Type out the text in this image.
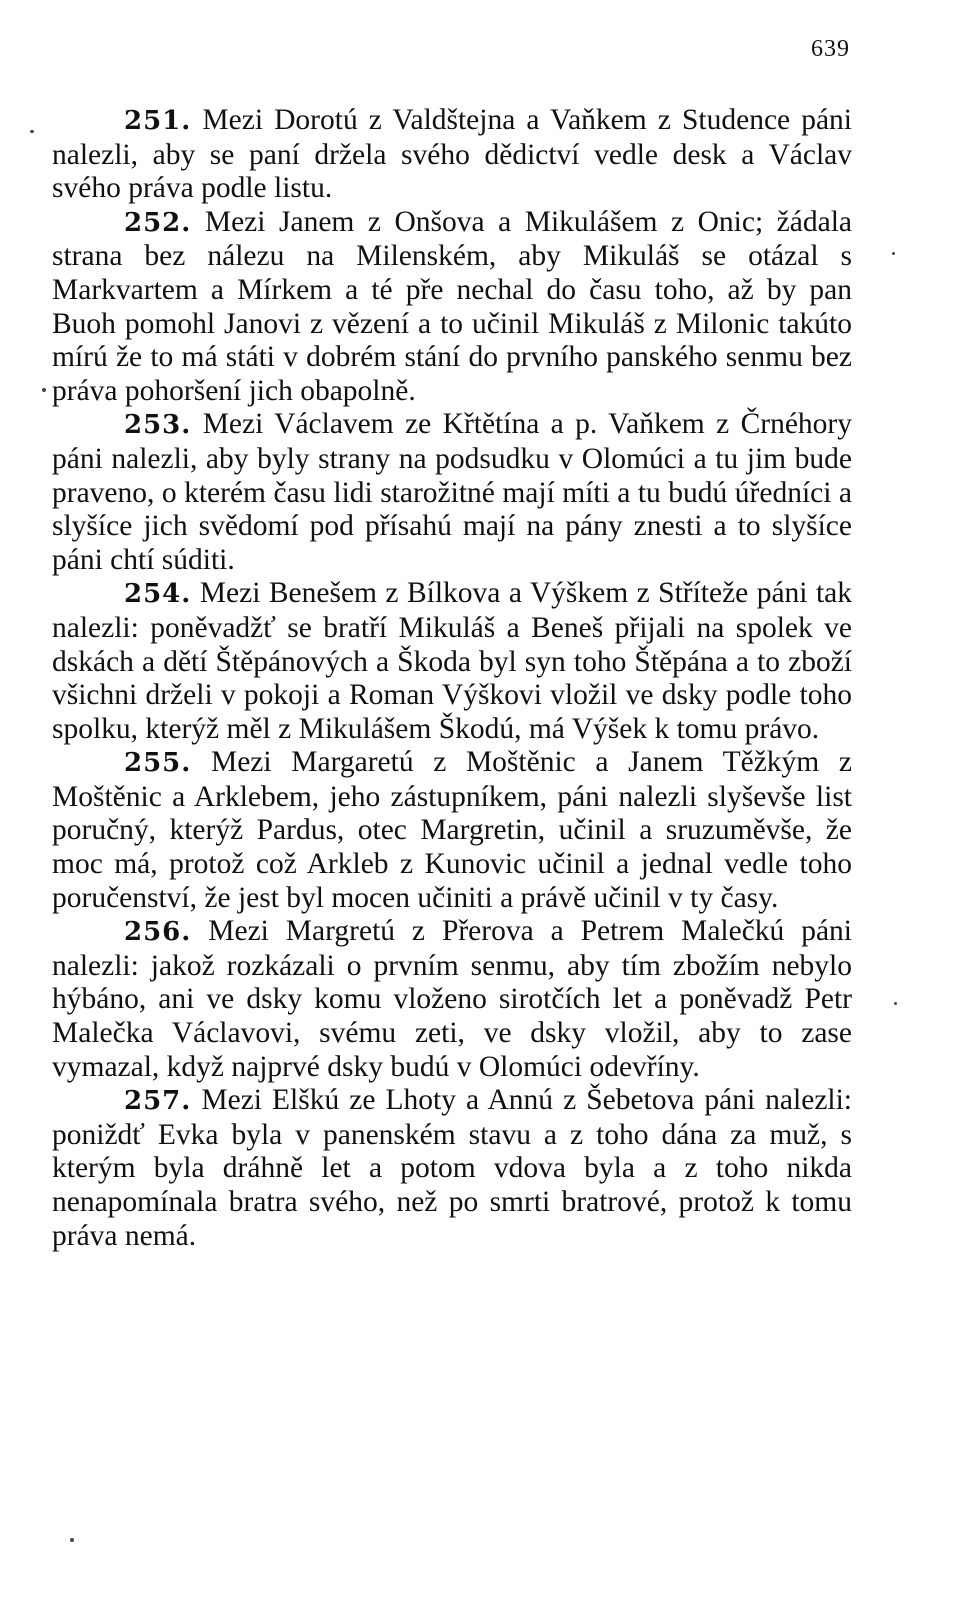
639

251. Mezi Dorotú z Valdštejna a Vaňkem z Studence páni nalezli, aby se paní držela svého dědictví vedle desk a Václav svého práva podle listu.

252. Mezi Janem z Onšova a Mikulášem z Onic; žádala strana bez nálezu na Milenském, aby Mikuláš se otázal s Markvartem a Mírkem a té pře nechal do času toho, až by pan Buoh pomohl Janovi z vězení a to učinil Mikuláš z Milonic takúto mírú že to má státi v dobrém stání do prvního panského senmu bez práva pohoršení jich obapolně.

253. Mezi Václavem ze Křtětína a p. Vaňkem z Črnéhory páni nalezli, aby byly strany na podsudku v Olomúci a tu jim bude praveno, o kterém času lidi starožitné mají míti a tu budú úředníci a slyšíce jich svědomí pod přísahú mají na pány znesti a to slyšíce páni chtí súditi.

254. Mezi Benešem z Bílkova a Výškem z Stříteže páni tak nalezli: poněvadžť se bratří Mikuláš a Beneš přijali na spolek ve dskách a dětí Štěpánových a Škoda byl syn toho Štěpána a to zboží všichni drželi v pokoji a Roman Výškovi vložil ve dsky podle toho spolku, kterýž měl z Mikulášem Škodú, má Výšek k tomu právo.

255. Mezi Margaretú z Moštěnic a Janem Těžkým z Moštěnic a Arklebem, jeho zástupníkem, páni nalezli slyševše list poručný, kterýž Pardus, otec Margretin, učinil a sruzuměvše, že moc má, protož což Arkleb z Kunovic učinil a jednal vedle toho poručenství, že jest byl mocen učiniti a právě učinil v ty časy.

256. Mezi Margretú z Přerova a Petrem Malečkú páni nalezli: jakož rozkázali o prvním senmu, aby tím zbožím nebylo hýbáno, ani ve dsky komu vloženo sirotčích let a poněvadž Petr Malečka Václavovi, svému zeti, ve dsky vložil, aby to zase vymazal, když najprvé dsky budú v Olomúci odevříny.

257. Mezi Elškú ze Lhoty a Annú z Šebetova páni nalezli: poniždť Evka byla v panenském stavu a z toho dána za muž, s kterým byla dráhně let a potom vdova byla a z toho nikda nenapomínala bratra svého, než po smrti bratrové, protož k tomu práva nemá.
